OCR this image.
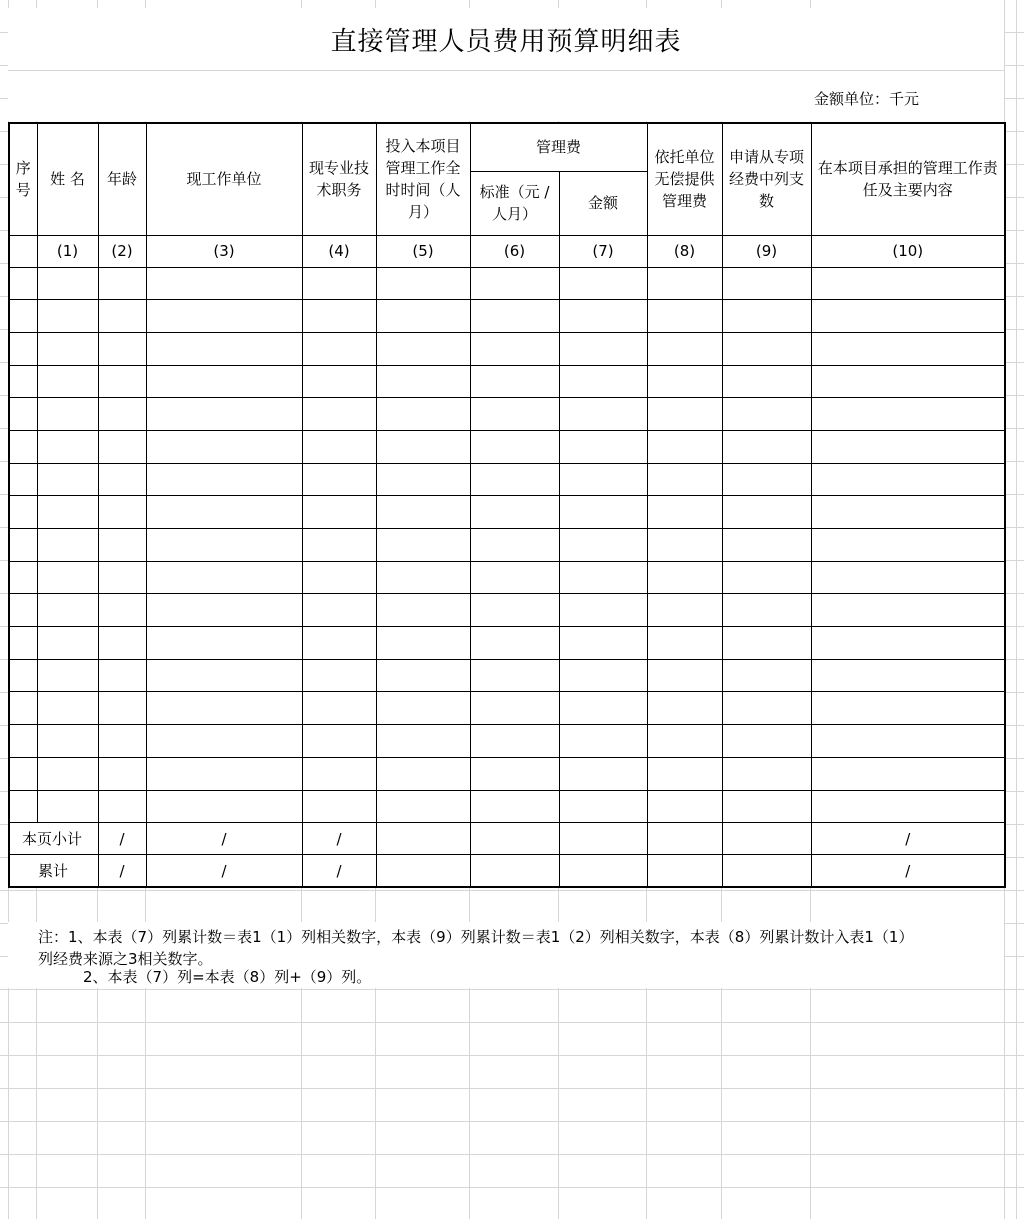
直接管理人员费用预算明细表
金额单位：千元
序号	姓 名	年龄	现工作单位	现专业技术职务	投入本项目管理工作全时时间（人月）	管理费		依托单位无偿提供管理费	申请从专项经费中列支数	在本项目承担的管理工作责任及主要内容
						标准（元 / 人月）	金额			
	(1)	(2)	(3)	(4)	(5)	(6)	(7)	(8)	(9)	(10)

本页小计		/	/	/						/
累计		/	/	/						/
注：1、本表（7）列累计数＝表1（1）列相关数字，本表（9）列累计数＝表1（2）列相关数字，本表（8）列累计数计入表1（1）
列经费来源之3相关数字。
2、本表（7）列=本表（8）列+（9）列。
